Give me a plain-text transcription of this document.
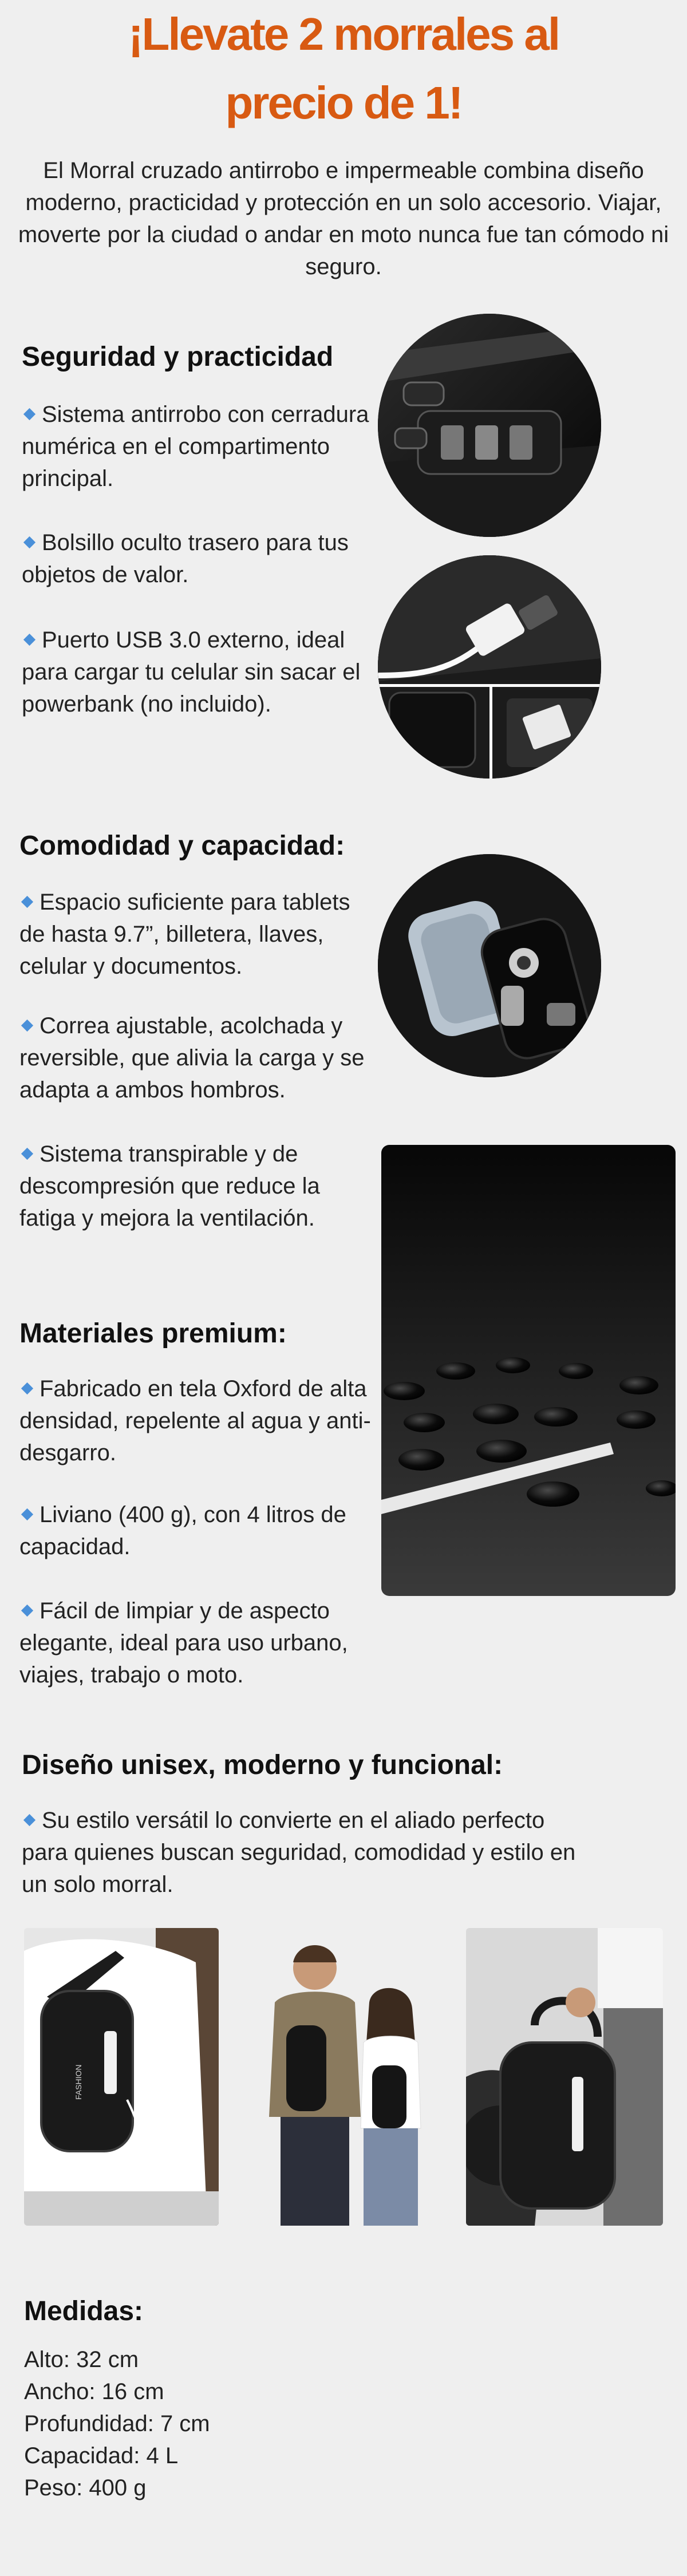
¡Llevate 2 morrales al
precio de 1!
El Morral cruzado antirrobo e impermeable combina diseño moderno, practicidad y protección en un solo accesorio. Viajar, moverte por la ciudad o andar en moto nunca fue tan cómodo ni seguro.
Seguridad y practicidad
Sistema antirrobo con cerradura numérica en el compartimento principal.
Bolsillo oculto trasero para tus objetos de valor.
Puerto USB 3.0 externo, ideal para cargar tu celular sin sacar el powerbank (no incluido).
Comodidad y capacidad:
Espacio suficiente para tablets de hasta 9.7”, billetera, llaves, celular y documentos.
Correa ajustable, acolchada y reversible, que alivia la carga y se adapta a ambos hombros.
Sistema transpirable y de descompresión que reduce la fatiga y mejora la ventilación.
Materiales premium:
Fabricado en tela Oxford de alta densidad, repelente al agua y anti-desgarro.
Liviano (400 g), con 4 litros de capacidad.
Fácil de limpiar y de aspecto elegante, ideal para uso urbano, viajes, trabajo o moto.
Diseño unisex, moderno y funcional:
Su estilo versátil lo convierte en el aliado perfecto para quienes buscan seguridad, comodidad y estilo en un solo morral.
FASHION
Medidas:
Alto: 32 cm
Ancho: 16 cm
Profundidad: 7 cm
Capacidad: 4 L
Peso: 400 g
